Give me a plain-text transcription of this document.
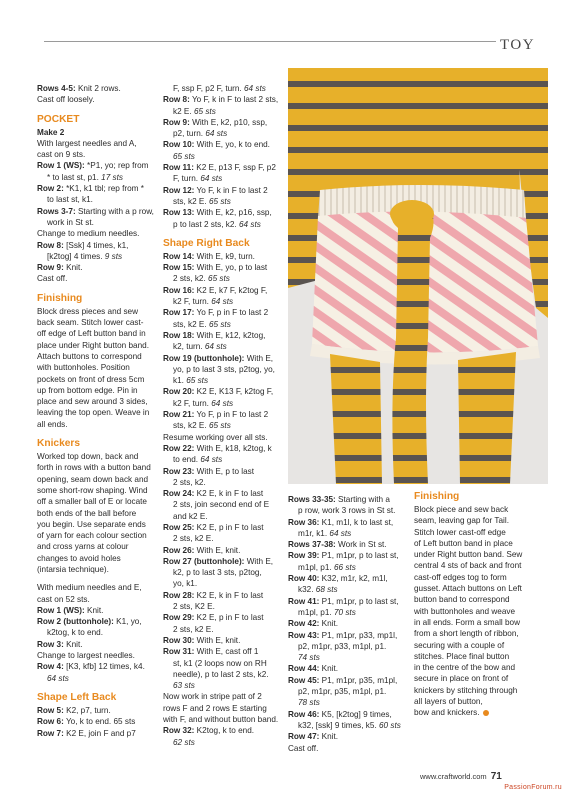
TOY

Rows 4-5: Knit 2 rows.

Cast off loosely.

POCKET

Make 2

With largest needles and A,

cast on 9 sts.

Row 1 (WS): *P1, yo; rep from

* to last st, p1. 17 sts

Row 2: *K1, k1 tbl; rep from *

to last st, k1.

Rows 3-7: Starting with a p row,

work in St st.

Change to medium needles.

Row 8: [Ssk] 4 times, k1,

[k2tog] 4 times. 9 sts

Row 9: Knit.

Cast off.

Finishing

Block dress pieces and sew

back seam. Stitch lower cast-

off edge of Left button band in

place under Right button band.

Attach buttons to correspond

with buttonholes. Position

pockets on front of dress 5cm

up from bottom edge. Pin in

place and sew around 3 sides,

leaving the top open. Weave in

all ends.

Knickers

Worked top down, back and

forth in rows with a button band

opening, seam down back and

some short-row shaping. Wind

off a smaller ball of E or locate

both ends of the ball before

you begin. Use separate ends

of yarn for each colour section

and cross yarns at colour

changes to avoid holes

(intarsia technique).

With medium needles and E,

cast on 52 sts.

Row 1 (WS): Knit.

Row 2 (buttonhole): K1, yo,

k2tog, k to end.

Row 3: Knit.

Change to largest needles.

Row 4: [K3, kfb] 12 times, k4.

64 sts

Shape Left Back

Row 5: K2, p7, turn.

Row 6: Yo, k to end. 65 sts

Row 7: K2 E, join F and p7

F, ssp F, p2 F, turn. 64 sts

Row 8: Yo F, k in F to last 2 sts,

k2 E. 65 sts

Row 9: With E, k2, p10, ssp,

p2, turn. 64 sts

Row 10: With E, yo, k to end.

65 sts

Row 11: K2 E, p13 F, ssp F, p2

F, turn. 64 sts

Row 12: Yo F, k in F to last 2

sts, k2 E. 65 sts

Row 13: With E, k2, p16, ssp,

p to last 2 sts, k2. 64 sts

Shape Right Back

Row 14: With E, k9, turn.

Row 15: With E, yo, p to last

2 sts, k2. 65 sts

Row 16: K2 E, k7 F, k2tog F,

k2 F, turn. 64 sts

Row 17: Yo F, p in F to last 2

sts, k2 E. 65 sts

Row 18: With E, k12, k2tog,

k2, turn. 64 sts

Row 19 (buttonhole): With E,

yo, p to last 3 sts, p2tog, yo,

k1. 65 sts

Row 20: K2 E, K13 F, k2tog F,

k2 F, turn. 64 sts

Row 21: Yo F, p in F to last 2

sts, k2 E. 65 sts

Resume working over all sts.

Row 22: With E, k18, k2tog, k

to end. 64 sts

Row 23: With E, p to last

2 sts, k2.

Row 24: K2 E, k in F to last

2 sts, join second end of E

and k2 E.

Row 25: K2 E, p in F to last

2 sts, k2 E.

Row 26: With E, knit.

Row 27 (buttonhole): With E,

k2, p to last 3 sts, p2tog,

yo, k1.

Row 28: K2 E, k in F to last

2 sts, K2 E.

Row 29: K2 E, p in F to last

2 sts, k2 E.

Row 30: With E, knit.

Row 31: With E, cast off 1

st, k1 (2 loops now on RH

needle), p to last 2 sts, k2.

63 sts

Now work in stripe patt of 2

rows F and 2 rows E starting

with F, and without button band.

Row 32: K2tog, k to end.

62 sts

Rows 33-35: Starting with a

p row, work 3 rows in St st.

Row 36: K1, m1l, k to last st,

m1r, k1. 64 sts

Rows 37-38: Work in St st.

Row 39: P1, m1pr, p to last st,

m1pl, p1. 66 sts

Row 40: K32, m1r, k2, m1l,

k32. 68 sts

Row 41: P1, m1pr, p to last st,

m1pl, p1. 70 sts

Row 42: Knit.

Row 43: P1, m1pr, p33, mp1l,

p2, m1pr, p33, m1pl, p1.

74 sts

Row 44: Knit.

Row 45: P1, m1pr, p35, m1pl,

p2, m1pr, p35, m1pl, p1.

78 sts

Row 46: K5, [k2tog] 9 times,

k32, [ssk] 9 times, k5. 60 sts

Row 47: Knit.

Cast off.

Finishing

Block piece and sew back

seam, leaving gap for Tail.

Stitch lower cast-off edge

of Left button band in place

under Right button band. Sew

central 4 sts of back and front

cast-off edges tog to form

gusset. Attach buttons on Left

button band to correspond

with buttonholes and weave

in all ends. Form a small bow

from a short length of ribbon,

securing with a couple of

stitches. Place final button

in the centre of the bow and

secure in place on front of

knickers by stitching through

all layers of button,

bow and knickers.

www.craftworld.com 71
PassionForum.ru
